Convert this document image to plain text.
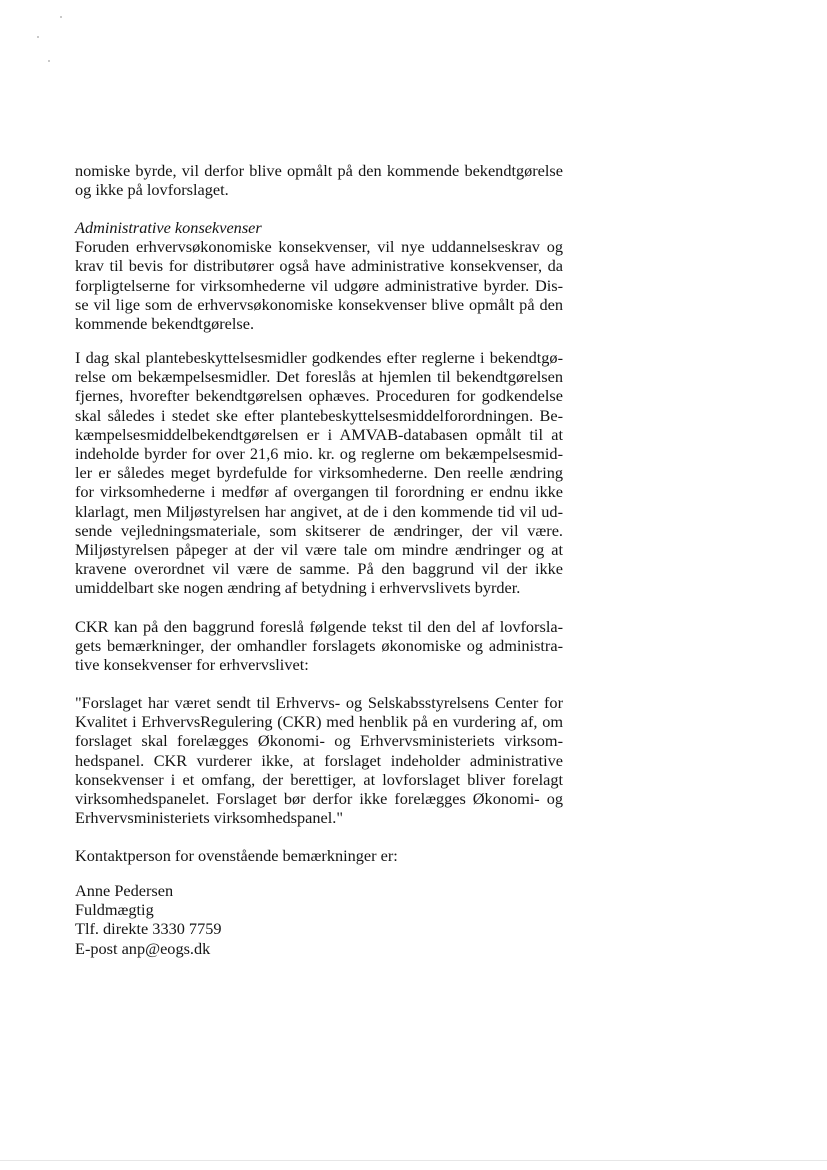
nomiske byrde, vil derfor blive opmålt på den kommende bekendtgørelse
og ikke på lovforslaget.
Administrative konsekvenser
Foruden erhvervsøkonomiske konsekvenser, vil nye uddannelseskrav og
krav til bevis for distributører også have administrative konsekvenser, da
forpligtelserne for virksomhederne vil udgøre administrative byrder. Dis-
se vil lige som de erhvervsøkonomiske konsekvenser blive opmålt på den
kommende bekendtgørelse.
I dag skal plantebeskyttelsesmidler godkendes efter reglerne i bekendtgø-
relse om bekæmpelsesmidler. Det foreslås at hjemlen til bekendtgørelsen
fjernes, hvorefter bekendtgørelsen ophæves. Proceduren for godkendelse
skal således i stedet ske efter plantebeskyttelsesmiddelforordningen. Be-
kæmpelsesmiddelbekendtgørelsen er i AMVAB-databasen opmålt til at
indeholde byrder for over 21,6 mio. kr. og reglerne om bekæmpelsesmid-
ler er således meget byrdefulde for virksomhederne. Den reelle ændring
for virksomhederne i medfør af overgangen til forordning er endnu ikke
klarlagt, men Miljøstyrelsen har angivet, at de i den kommende tid vil ud-
sende vejledningsmateriale, som skitserer de ændringer, der vil være.
Miljøstyrelsen påpeger at der vil være tale om mindre ændringer og at
kravene overordnet vil være de samme. På den baggrund vil der ikke
umiddelbart ske nogen ændring af betydning i erhvervslivets byrder.
CKR kan på den baggrund foreslå følgende tekst til den del af lovforsla-
gets bemærkninger, der omhandler forslagets økonomiske og administra-
tive konsekvenser for erhvervslivet:
"Forslaget har været sendt til Erhvervs- og Selskabsstyrelsens Center for
Kvalitet i ErhvervsRegulering (CKR) med henblik på en vurdering af, om
forslaget skal forelægges Økonomi- og Erhvervsministeriets virksom-
hedspanel. CKR vurderer ikke, at forslaget indeholder administrative
konsekvenser i et omfang, der berettiger, at lovforslaget bliver forelagt
virksomhedspanelet. Forslaget bør derfor ikke forelægges Økonomi- og
Erhvervsministeriets virksomhedspanel."
Kontaktperson for ovenstående bemærkninger er:
Anne Pedersen
Fuldmægtig
Tlf. direkte 3330 7759
E-post anp@eogs.dk
